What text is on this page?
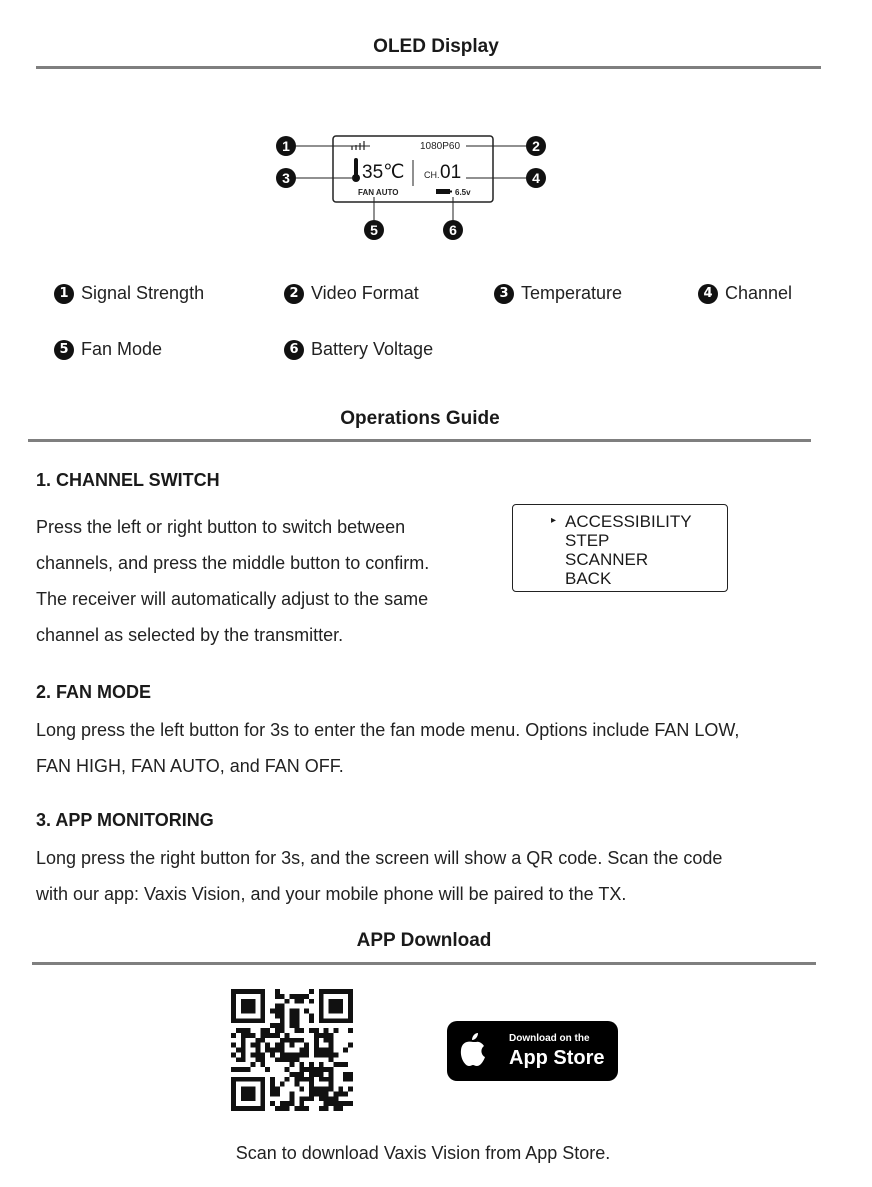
OLED Display
1080P60
35℃ CH. 01
FAN AUTO	6.5v
1	2
3	4
5	6
1 Signal Strength	2 Video Format	3 Temperature	4 Channel
5 Fan Mode	6 Battery Voltage
Operations Guide
1. CHANNEL SWITCH
Press the left or right button to switch between
channels, and press the middle button to confirm.
The receiver will automatically adjust to the same
channel as selected by the transmitter.
▸ ACCESSIBILITY
STEP
SCANNER
BACK
2. FAN MODE
Long press the left button for 3s to enter the fan mode menu. Options include FAN LOW,
FAN HIGH, FAN AUTO, and FAN OFF.
3. APP MONITORING
Long press the right button for 3s, and the screen will show a QR code. Scan the code
with our app: Vaxis Vision, and your mobile phone will be paired to the TX.
APP Download
Download on the
App Store
Scan to download Vaxis Vision from App Store.
